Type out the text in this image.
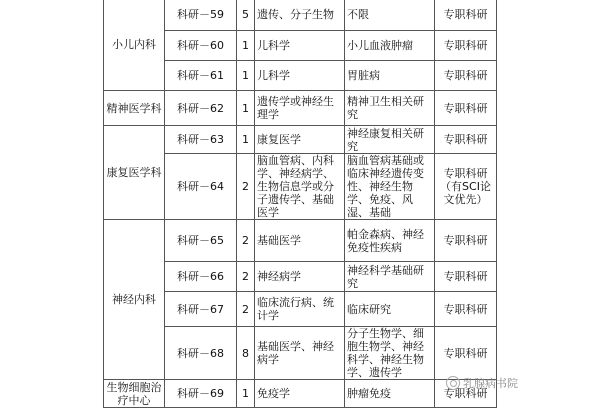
小儿内科	科研－59	5	遗传、分子生物	不限	专职科研
	科研－60	1	儿科学	小儿血液肿瘤	专职科研
	科研－61	1	儿科学	胃脏病	专职科研
精神医学科	科研－62	1	遗传学或神经生理学	精神卫生相关研究	专职科研
康复医学科	科研－63	1	康复医学	神经康复相关研究	专职科研
	科研－64	2	脑血管病、内科学、神经病学、生物信息学或分子遗传学、基础医学	脑血管病基础或临床神经遗传变性、神经生物学、免疫、风湿、基础	专职科研（有SCI论文优先）
神经内科	科研－65	2	基础医学	帕金森病、神经免疫性疾病	专职科研
	科研－66	2	神经病学	神经科学基础研究	专职科研
	科研－67	2	临床流行病、统计学	临床研究	专职科研
	科研－68	8	基础医学、神经病学	分子生物学、细胞生物学、神经科学、神经生物学、遗传学	专职科研
生物细胞治疗中心	科研－69	1	免疫学	肿瘤免疫	专职科研
乳腺病书院
